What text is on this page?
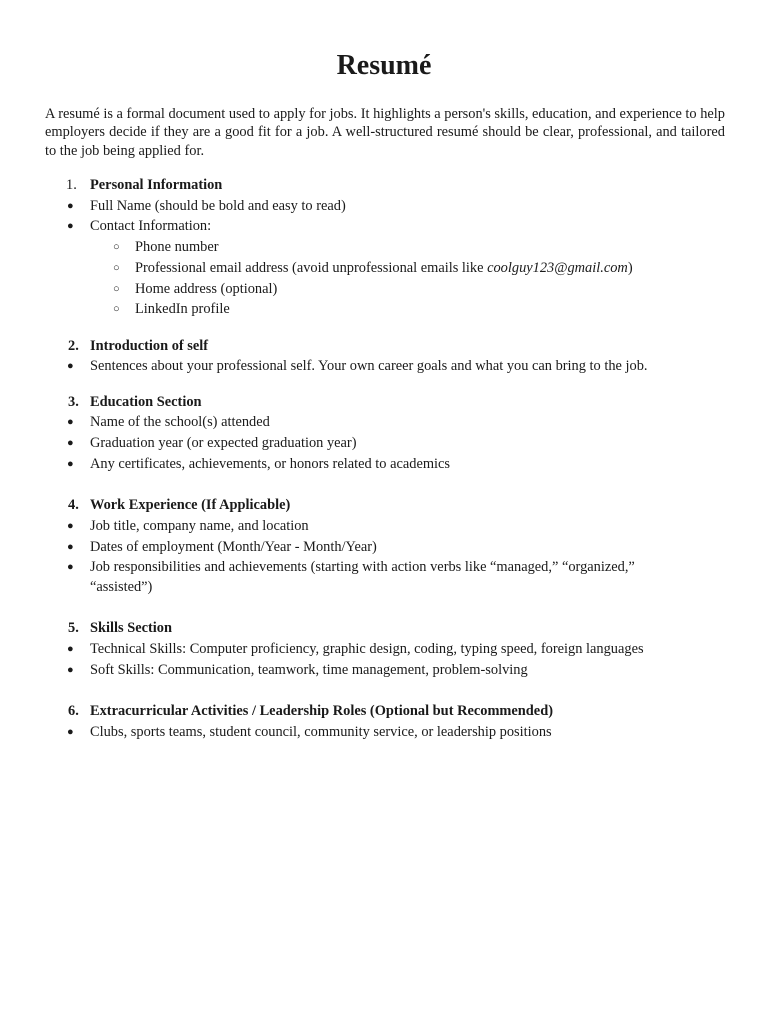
Resumé

A resumé is a formal document used to apply for jobs. It highlights a person's skills, education, and experience to help employers decide if they are a good fit for a job. A well-structured resumé should be clear, professional, and tailored to the job being applied for.

1. Personal Information
● Full Name (should be bold and easy to read)
● Contact Information:
○ Phone number
○ Professional email address (avoid unprofessional emails like coolguy123@gmail.com)
○ Home address (optional)
○ LinkedIn profile
2. Introduction of self
● Sentences about your professional self. Your own career goals and what you can bring to the job.
3. Education Section
● Name of the school(s) attended
● Graduation year (or expected graduation year)
● Any certificates, achievements, or honors related to academics
4. Work Experience (If Applicable)
● Job title, company name, and location
● Dates of employment (Month/Year - Month/Year)
● Job responsibilities and achievements (starting with action verbs like “managed,” “organized,”
“assisted”)
5. Skills Section
● Technical Skills: Computer proficiency, graphic design, coding, typing speed, foreign languages
● Soft Skills: Communication, teamwork, time management, problem-solving
6. Extracurricular Activities / Leadership Roles (Optional but Recommended)
● Clubs, sports teams, student council, community service, or leadership positions
